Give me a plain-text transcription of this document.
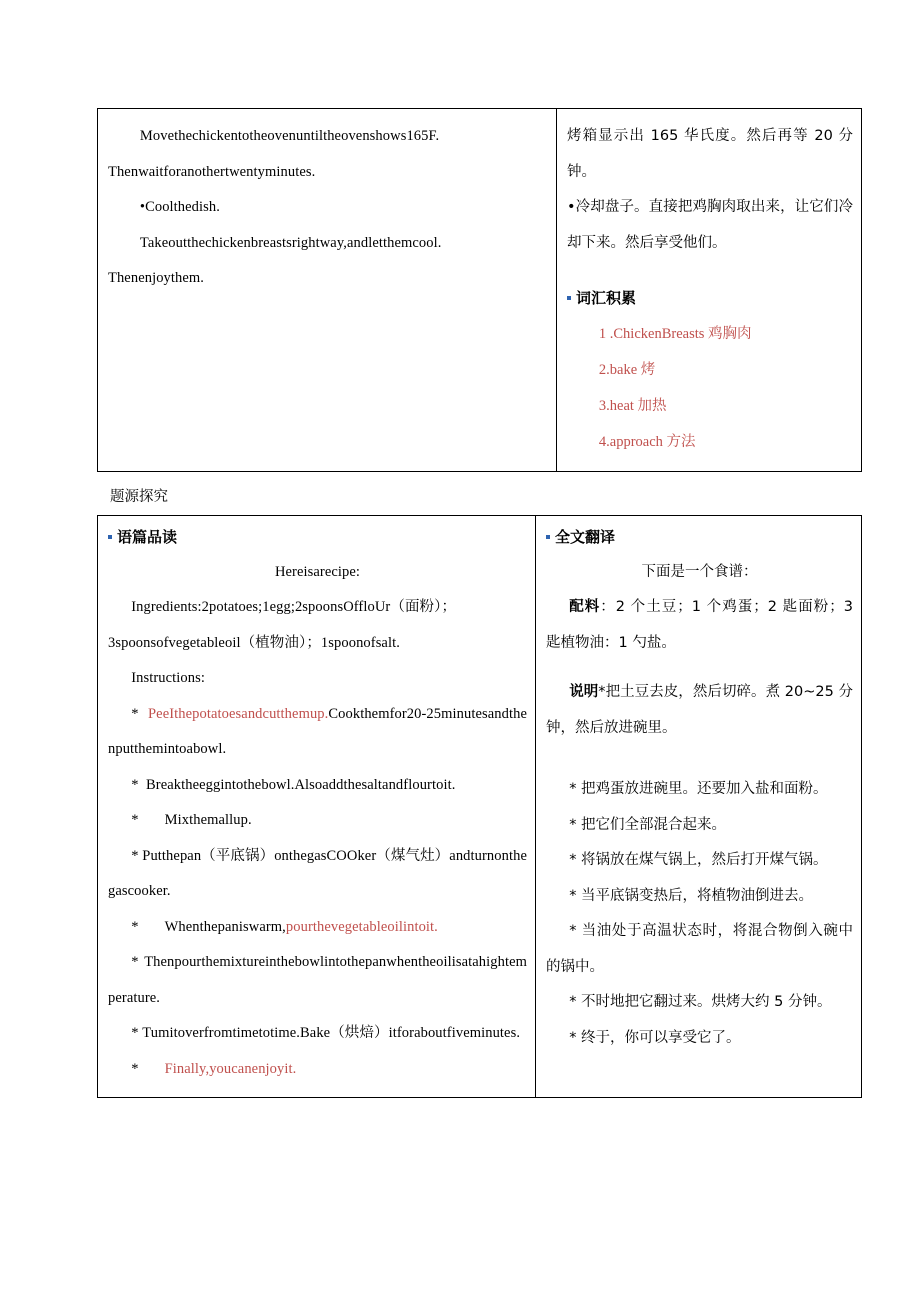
Movethechickentotheovenuntiltheovenshows165F.

Thenwaitforanothertwentyminutes.

•Coolthedish.

Takeoutthechickenbreastsrightway,andletthemcool.

Thenenjoythem.

烤箱显示出 165 华氏度。然后再等 20 分钟。

•冷却盘子。直接把鸡胸肉取出来，让它们冷却下来。然后享受他们。

词汇积累

1 .ChickenBreasts 鸡胸肉

2.bake 烤

3.heat 加热

4.approach 方法

题源探究
语篇品读

Hereisarecipe:

Ingredients:2potatoes;1egg;2spoonsOffloUr（面粉）；

3spoonsofvegetableoil（植物油）；1spoonofsalt.

Instructions:

* PeeIthepotatoesandcutthemup.Cookthemfor20-25minutesandthenputthemintoabowl.

* Breaktheeggintothebowl.Alsoaddthesaltandflourtoit.

* Mixthemallup.

* Putthepan（平底锅）onthegasCOOker（煤气灶）andturnonthegascooker.

* Whenthepaniswarm,pourthevegetableoilintoit.

* Thenpourthemixtureinthebowlintothepanwhentheoilisatahightemperature.

* Tumitoverfromtimetotime.Bake（烘焙）itforaboutfiveminutes.

* Finally,youcanenjoyit.

全文翻译

下面是一个食谱：

配料：2 个土豆；1 个鸡蛋；2 匙面粉；3 匙植物油：1 勺盐。

说明*把土豆去皮，然后切碎。煮 20~25 分钟，然后放进碗里。

* 把鸡蛋放进碗里。还要加入盐和面粉。

* 把它们全部混合起来。

* 将锅放在煤气锅上，然后打开煤气锅。

* 当平底锅变热后，将植物油倒进去。

* 当油处于高温状态时，将混合物倒入碗中的锅中。

* 不时地把它翻过来。烘烤大约 5 分钟。

* 终于，你可以享受它了。
